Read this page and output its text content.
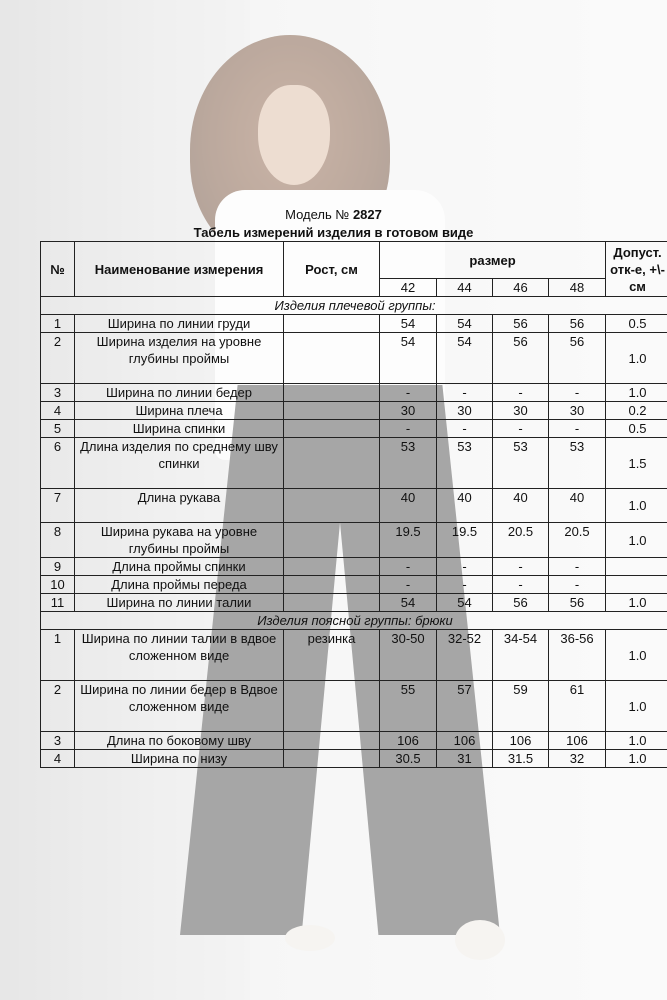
Модель № 2827
Табель измерений изделия в готовом виде
№	Наименование измерения	Рост, см	размер				Допуст. отк-е, +\-см
			42	44	46	48	
Изделия плечевой группы:							
1	Ширина по линии груди		54	54	56	56	0.5
2	Ширина изделия на уровне глубины проймы		54	54	56	56	1.0
3	Ширина по линии бедер		-	-	-	-	1.0
4	Ширина плеча		30	30	30	30	0.2
5	Ширина спинки		-	-	-	-	0.5
6	Длина изделия по среднему шву спинки		53	53	53	53	1.5
7	Длина рукава		40	40	40	40	1.0
8	Ширина рукава на уровне глубины проймы		19.5	19.5	20.5	20.5	1.0
9	Длина проймы спинки		-	-	-	-	
10	Длина проймы переда		-	-	-	-	
11	Ширина по линии талии		54	54	56	56	1.0
Изделия поясной группы: брюки							
1	Ширина по линии талии в вдвое сложенном виде	резинка	30-50	32-52	34-54	36-56	1.0
2	Ширина по линии бедер в Вдвое сложенном виде		55	57	59	61	1.0
3	Длина по боковому шву		106	106	106	106	1.0
4	Ширина по низу		30.5	31	31.5	32	1.0
